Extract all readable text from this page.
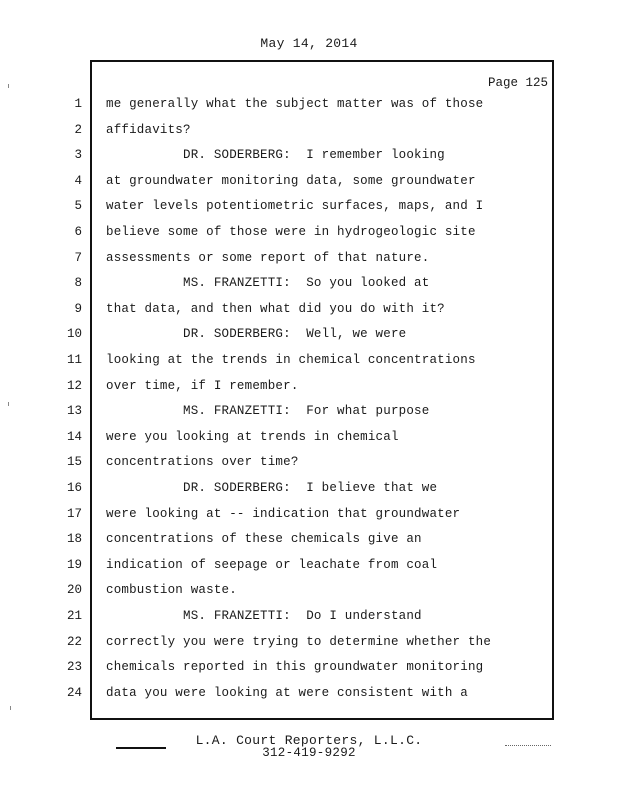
May 14, 2014
Page 125
1 me generally what the subject matter was of those
2 affidavits?
3 DR. SODERBERG:  I remember looking
4 at groundwater monitoring data, some groundwater
5 water levels potentiometric surfaces, maps, and I
6 believe some of those were in hydrogeologic site
7 assessments or some report of that nature.
8 MS. FRANZETTI:  So you looked at
9 that data, and then what did you do with it?
10 DR. SODERBERG:  Well, we were
11 looking at the trends in chemical concentrations
12 over time, if I remember.
13 MS. FRANZETTI:  For what purpose
14 were you looking at trends in chemical
15 concentrations over time?
16 DR. SODERBERG:  I believe that we
17 were looking at -- indication that groundwater
18 concentrations of these chemicals give an
19 indication of seepage or leachate from coal
20 combustion waste.
21 MS. FRANZETTI:  Do I understand
22 correctly you were trying to determine whether the
23 chemicals reported in this groundwater monitoring
24 data you were looking at were consistent with a
L.A. Court Reporters, L.L.C.
312-419-9292
